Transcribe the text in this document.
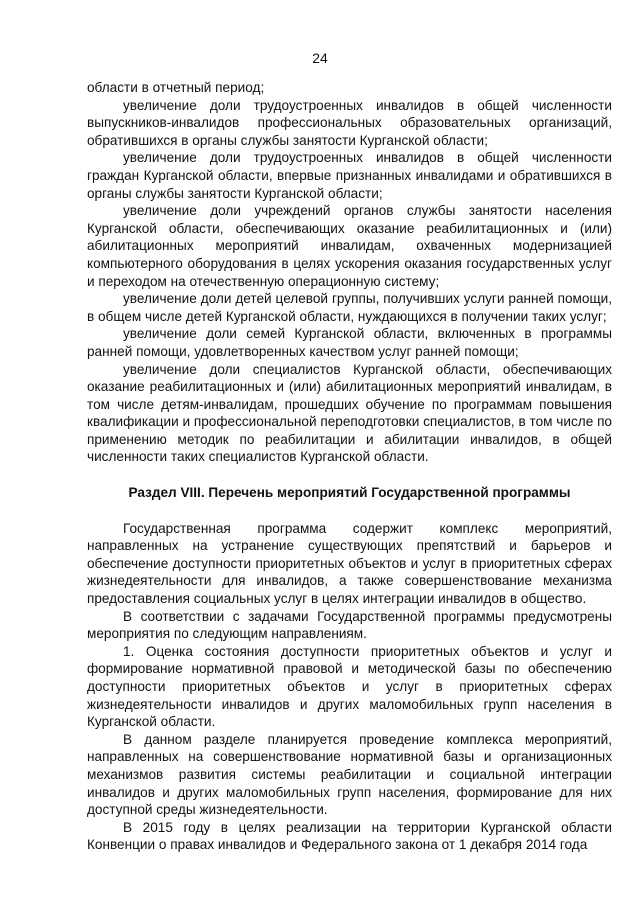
24

области в отчетный период;

увеличение доли трудоустроенных инвалидов в общей численности выпускников-инвалидов профессиональных образовательных организаций, обратившихся в органы службы занятости Курганской области;

увеличение доли трудоустроенных инвалидов в общей численности граждан Курганской области, впервые признанных инвалидами и обратившихся в органы службы занятости Курганской области;

увеличение доли учреждений органов службы занятости населения Курганской области, обеспечивающих оказание реабилитационных и (или) абилитационных мероприятий инвалидам, охваченных модернизацией компьютерного оборудования в целях ускорения оказания государственных услуг и переходом на отечественную операционную систему;

увеличение доли детей целевой группы, получивших услуги ранней помощи, в общем числе детей Курганской области, нуждающихся в получении таких услуг;

увеличение доли семей Курганской области, включенных в программы ранней помощи, удовлетворенных качеством услуг ранней помощи;

увеличение доли специалистов Курганской области, обеспечивающих оказание реабилитационных и (или) абилитационных мероприятий инвалидам, в том числе детям-инвалидам, прошедших обучение по программам повышения квалификации и профессиональной переподготовки специалистов, в том числе по применению методик по реабилитации и абилитации инвалидов, в общей численности таких специалистов Курганской области.

Раздел VIII. Перечень мероприятий Государственной программы

Государственная программа содержит комплекс мероприятий, направленных на устранение существующих препятствий и барьеров и обеспечение доступности приоритетных объектов и услуг в приоритетных сферах жизнедеятельности для инвалидов, а также совершенствование механизма предоставления социальных услуг в целях интеграции инвалидов в общество.

В соответствии с задачами Государственной программы предусмотрены мероприятия по следующим направлениям.

1. Оценка состояния доступности приоритетных объектов и услуг и формирование нормативной правовой и методической базы по обеспечению доступности приоритетных объектов и услуг в приоритетных сферах жизнедеятельности инвалидов и других маломобильных групп населения в Курганской области.

В данном разделе планируется проведение комплекса мероприятий, направленных на совершенствование нормативной базы и организационных механизмов развития системы реабилитации и социальной интеграции инвалидов и других маломобильных групп населения, формирование для них доступной среды жизнедеятельности.

В 2015 году в целях реализации на территории Курганской области Конвенции о правах инвалидов и Федерального закона от 1 декабря 2014 года
